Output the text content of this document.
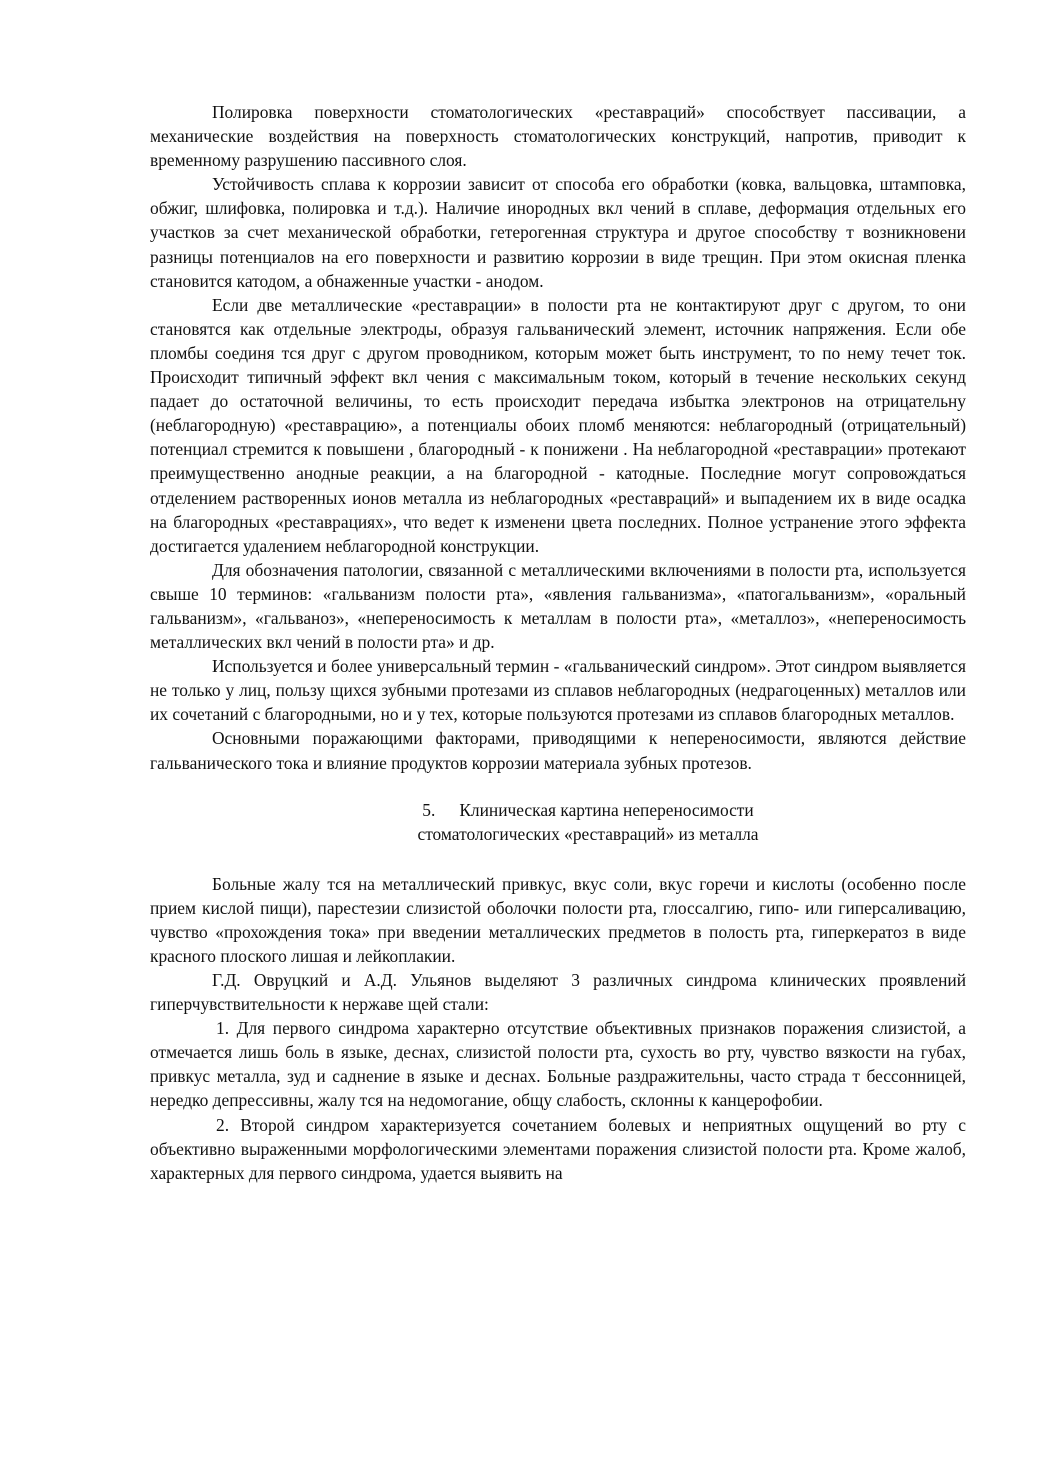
Полировка поверхности стоматологических «реставраций» способствует пассивации, а механические воздействия на поверхность стоматологических конструкций, напротив, приводит к временному разрушению пассивного слоя.

Устойчивость сплава к коррозии зависит от способа его обработки (ковка, вальцовка, штамповка, обжиг, шлифовка, полировка и т.д.). Наличие инородных вкл чений в сплаве, деформация отдельных его участков за счет механической обработки, гетерогенная структура и другое способству т возникновени разницы потенциалов на его поверхности и развитию коррозии в виде трещин. При этом окисная пленка становится катодом, а обнаженные участки - анодом.

Если две металлические «реставрации» в полости рта не контактируют друг с другом, то они становятся как отдельные электроды, образуя гальванический элемент, источник напряжения. Если обе пломбы соединя тся друг с другом проводником, которым может быть инструмент, то по нему течет ток. Происходит типичный эффект вкл чения с максимальным током, который в течение нескольких секунд падает до остаточной величины, то есть происходит передача избытка электронов на отрицательну (неблагородную) «реставрацию», а потенциалы обоих пломб меняются: неблагородный (отрицательный) потенциал стремится к повышени , благородный - к понижени . На неблагородной «реставрации» протекают преимущественно анодные реакции, а на благородной - катодные. Последние могут сопровождаться отделением растворенных ионов металла из неблагородных «реставраций» и выпадением их в виде осадка на благородных «реставрациях», что ведет к изменени цвета последних. Полное устранение этого эффекта достигается удалением неблагородной конструкции.

Для обозначения патологии, связанной с металлическими включениями в полости рта, используется свыше 10 терминов: «гальванизм полости рта», «явления гальванизма», «патогальванизм», «оральный гальванизм», «гальваноз», «непереносимость к металлам в полости рта», «металлоз», «непереносимость металлических вкл чений в полости рта» и др.

Используется и более универсальный термин - «гальванический синдром». Этот синдром выявляется не только у лиц, пользу щихся зубными протезами из сплавов неблагородных (недрагоценных) металлов или их сочетаний с благородными, но и у тех, которые пользуются протезами из сплавов благородных металлов.

Основными поражающими факторами, приводящими к непереносимости, являются действие гальванического тока и влияние продуктов коррозии материала зубных протезов.

5. Клиническая картина непереносимости
стоматологических «реставраций» из металла

Больные жалу тся на металлический привкус, вкус соли, вкус горечи и кислоты (особенно после прием кислой пищи), парестезии слизистой оболочки полости рта, глоссалгию, гипо- или гиперсаливацию, чувство «прохождения тока» при введении металлических предметов в полость рта, гиперкератоз в виде красного плоского лишая и лейкоплакии.

Г.Д. Овруцкий и А.Д. Ульянов выделяют 3 различных синдрома клинических проявлений гиперчувствительности к нержаве щей стали:

1. Для первого синдрома характерно отсутствие объективных признаков поражения слизистой, а отмечается лишь боль в языке, деснах, слизистой полости рта, сухость во рту, чувство вязкости на губах, привкус металла, зуд и саднение в языке и деснах. Больные раздражительны, часто страда т бессонницей, нередко депрессивны, жалу тся на недомогание, общу слабость, склонны к канцерофобии.

2. Второй синдром характеризуется сочетанием болевых и неприятных ощущений во рту с объективно выраженными морфологическими элементами поражения слизистой полости рта. Кроме жалоб, характерных для первого синдрома, удается выявить на
